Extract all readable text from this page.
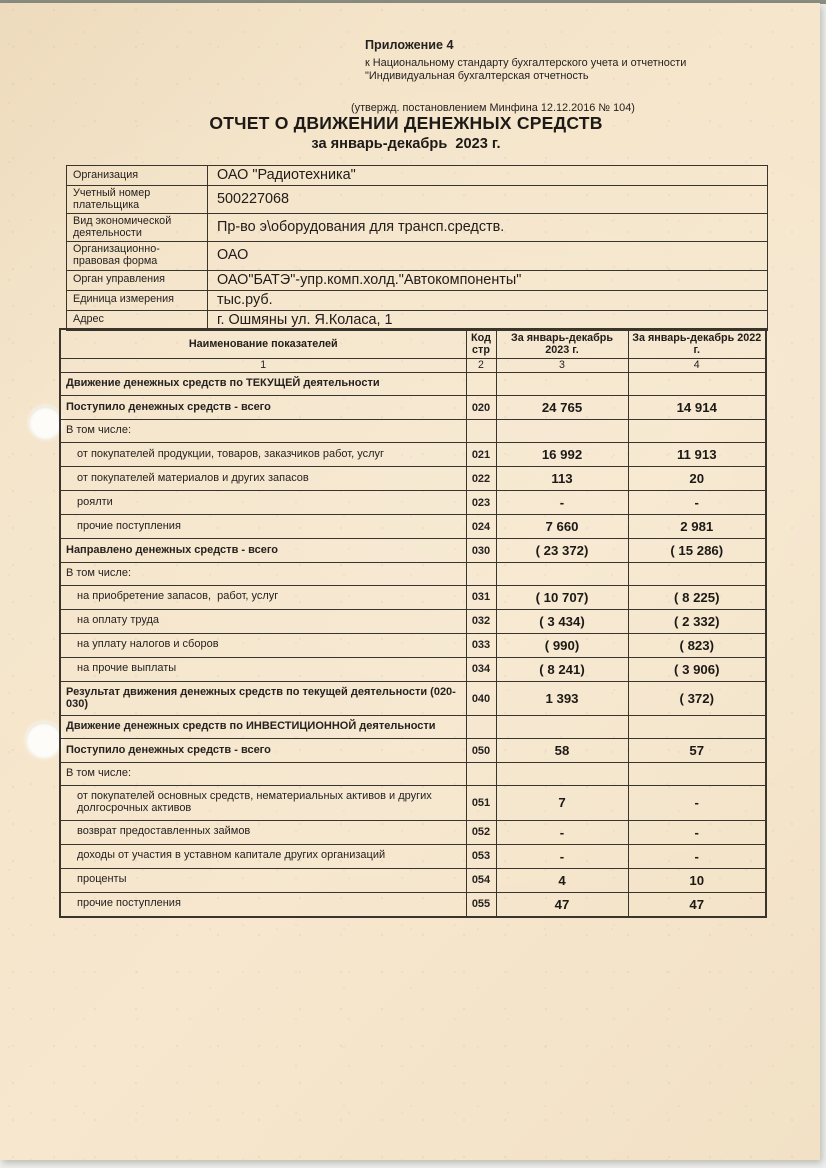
Приложение 4
к Национальному стандарту бухгалтерского учета и отчетности
"Индивидуальная бухгалтерская отчетность
(утвержд. постановлением Минфина 12.12.2016 № 104)
ОТЧЕТ О ДВИЖЕНИИ ДЕНЕЖНЫХ СРЕДСТВ
за январь-декабрь  2023 г.
Организация	ОАО "Радиотехника"
Учетный номер плательщика	500227068
Вид экономической деятельности	Пр-во э\оборудования для трансп.средств.
Организационно-правовая форма	ОАО
Орган управления	ОАО"БАТЭ"-упр.комп.холд."Автокомпоненты"
Единица измерения	тыс.руб.
Адрес	г. Ошмяны ул. Я.Коласа, 1
Наименование показателей	Код стр	За январь-декабрь 2023 г.	За январь-декабрь 2022 г.
1	2	3	4
Движение денежных средств по ТЕКУЩЕЙ деятельности			
Поступило денежных средств - всего	020	24 765	14 914
В том числе:			
от покупателей продукции, товаров, заказчиков работ, услуг	021	16 992	11 913
от покупателей материалов и других запасов	022	113	20
роялти	023	-	-
прочие поступления	024	7 660	2 981
Направлено денежных средств - всего	030	( 23 372)	( 15 286)
В том числе:			
на приобретение запасов,  работ, услуг	031	( 10 707)	( 8 225)
на оплату труда	032	( 3 434)	( 2 332)
на уплату налогов и сборов	033	( 990)	( 823)
на прочие выплаты	034	( 8 241)	( 3 906)
Результат движения денежных средств по текущей деятельности (020-030)	040	1 393	( 372)
Движение денежных средств по ИНВЕСТИЦИОННОЙ деятельности			
Поступило денежных средств - всего	050	58	57
В том числе:			
от покупателей основных средств, нематериальных активов и других долгосрочных активов	051	7	-
возврат предоставленных займов	052	-	-
доходы от участия в уставном капитале других организаций	053	-	-
проценты	054	4	10
прочие поступления	055	47	47
